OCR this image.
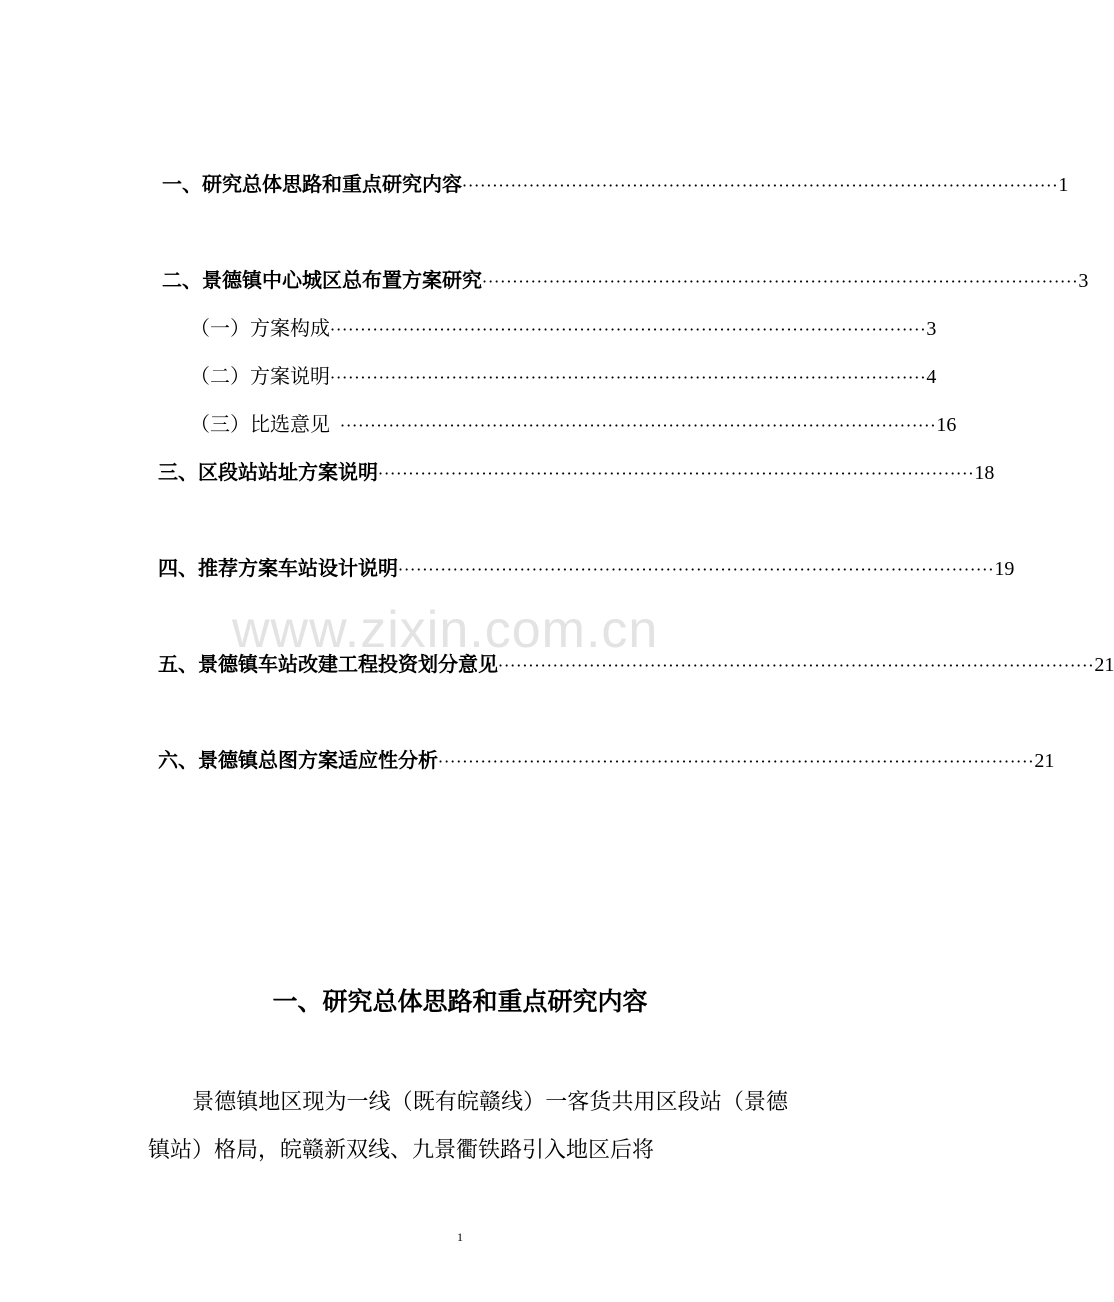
一、研究总体思路和重点研究内容 ·································································································· 1
二、景德镇中心城区总布置方案研究 ·································································································· 3
（一）方案构成 ·································································································· 3
（二）方案说明 ·································································································· 4
（三）比选意见 ·································································································· 16
三、区段站站址方案说明 ·································································································· 18
四、推荐方案车站设计说明 ·································································································· 19
五、景德镇车站改建工程投资划分意见 ·································································································· 21
六、景德镇总图方案适应性分析 ·································································································· 21
www.zixin.com.cn
一、研究总体思路和重点研究内容
景德镇地区现为一线（既有皖赣线）一客货共用区段站（景德镇站）格局，皖赣新双线、九景衢铁路引入地区后将
1
